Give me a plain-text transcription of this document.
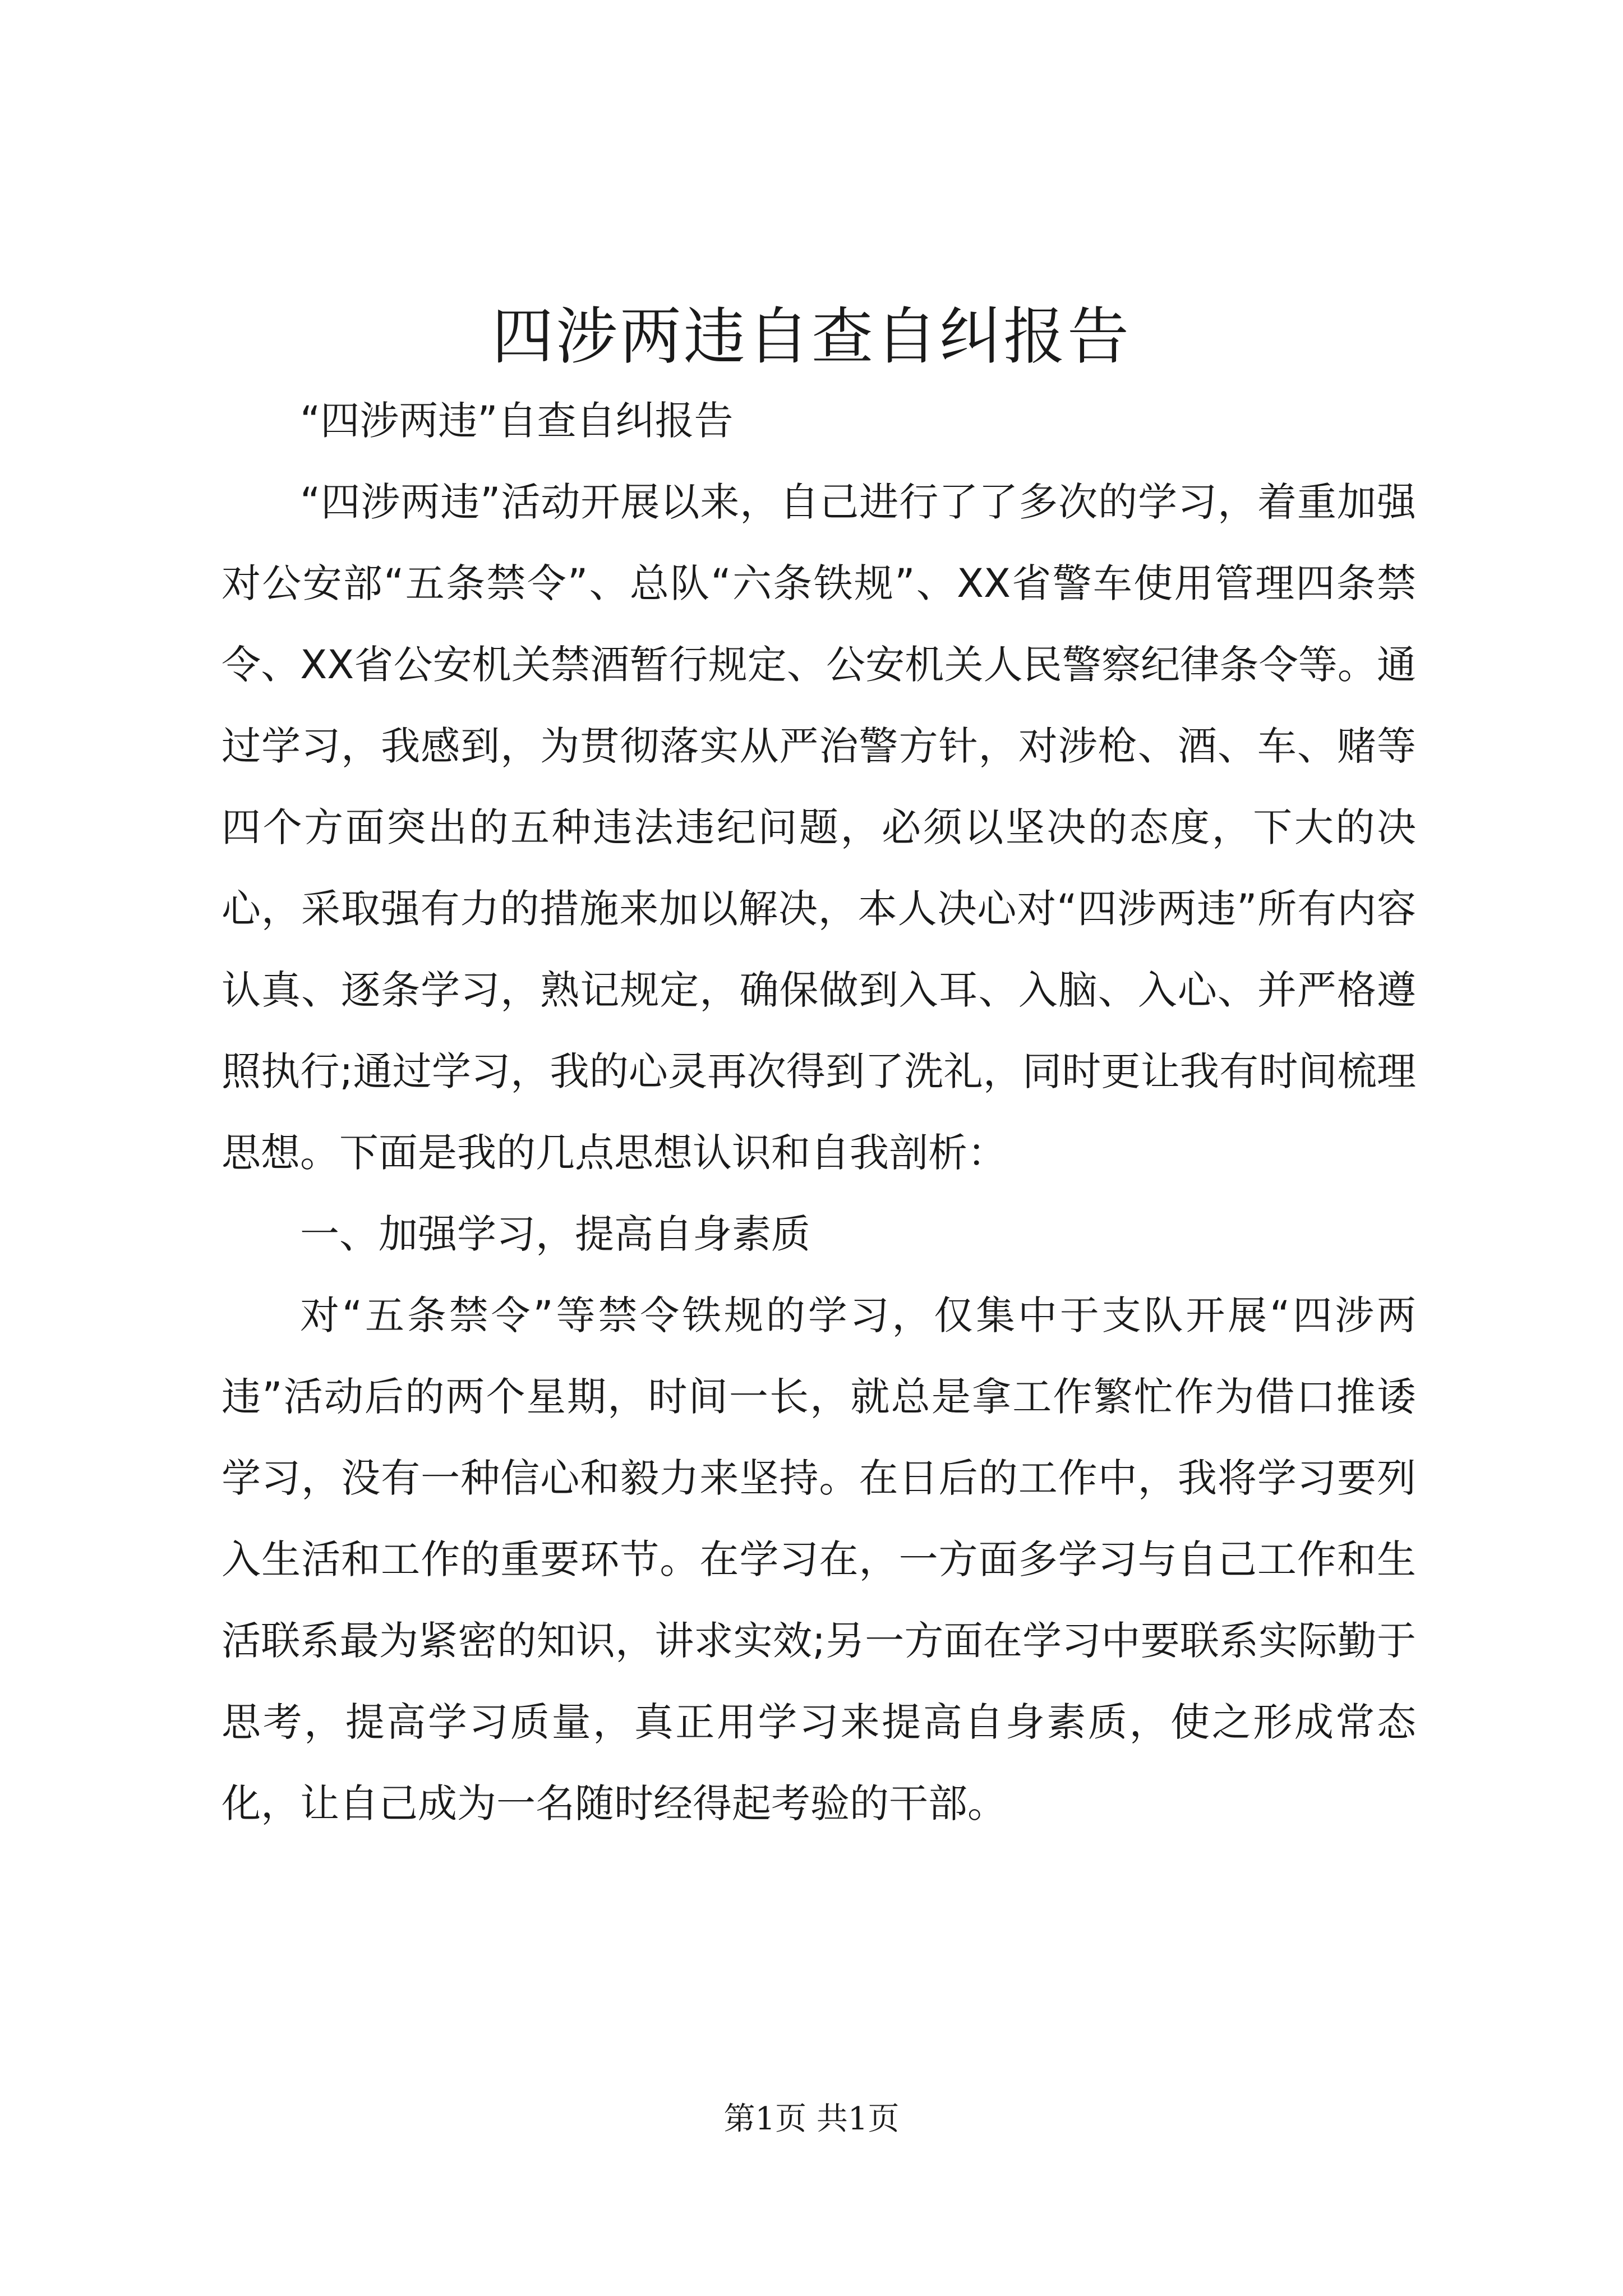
四涉两违自查自纠报告

“四涉两违”自查自纠报告

“四涉两违”活动开展以来，自己进行了了多次的学习，着重加强对公安部“五条禁令”、总队“六条铁规”、XX省警车使用管理四条禁令、XX省公安机关禁酒暂行规定、公安机关人民警察纪律条令等。通过学习，我感到，为贯彻落实从严治警方针，对涉枪、酒、车、赌等四个方面突出的五种违法违纪问题，必须以坚决的态度，下大的决心，采取强有力的措施来加以解决，本人决心对“四涉两违”所有内容认真、逐条学习，熟记规定，确保做到入耳、入脑、入心、并严格遵照执行;通过学习，我的心灵再次得到了洗礼，同时更让我有时间梳理思想。下面是我的几点思想认识和自我剖析：

一、加强学习，提高自身素质

对“五条禁令”等禁令铁规的学习，仅集中于支队开展“四涉两违”活动后的两个星期，时间一长，就总是拿工作繁忙作为借口推诿学习，没有一种信心和毅力来坚持。在日后的工作中，我将学习要列入生活和工作的重要环节。在学习在，一方面多学习与自己工作和生活联系最为紧密的知识，讲求实效;另一方面在学习中要联系实际勤于思考，提高学习质量，真正用学习来提高自身素质，使之形成常态化，让自己成为一名随时经得起考验的干部。

第1页 共1页
